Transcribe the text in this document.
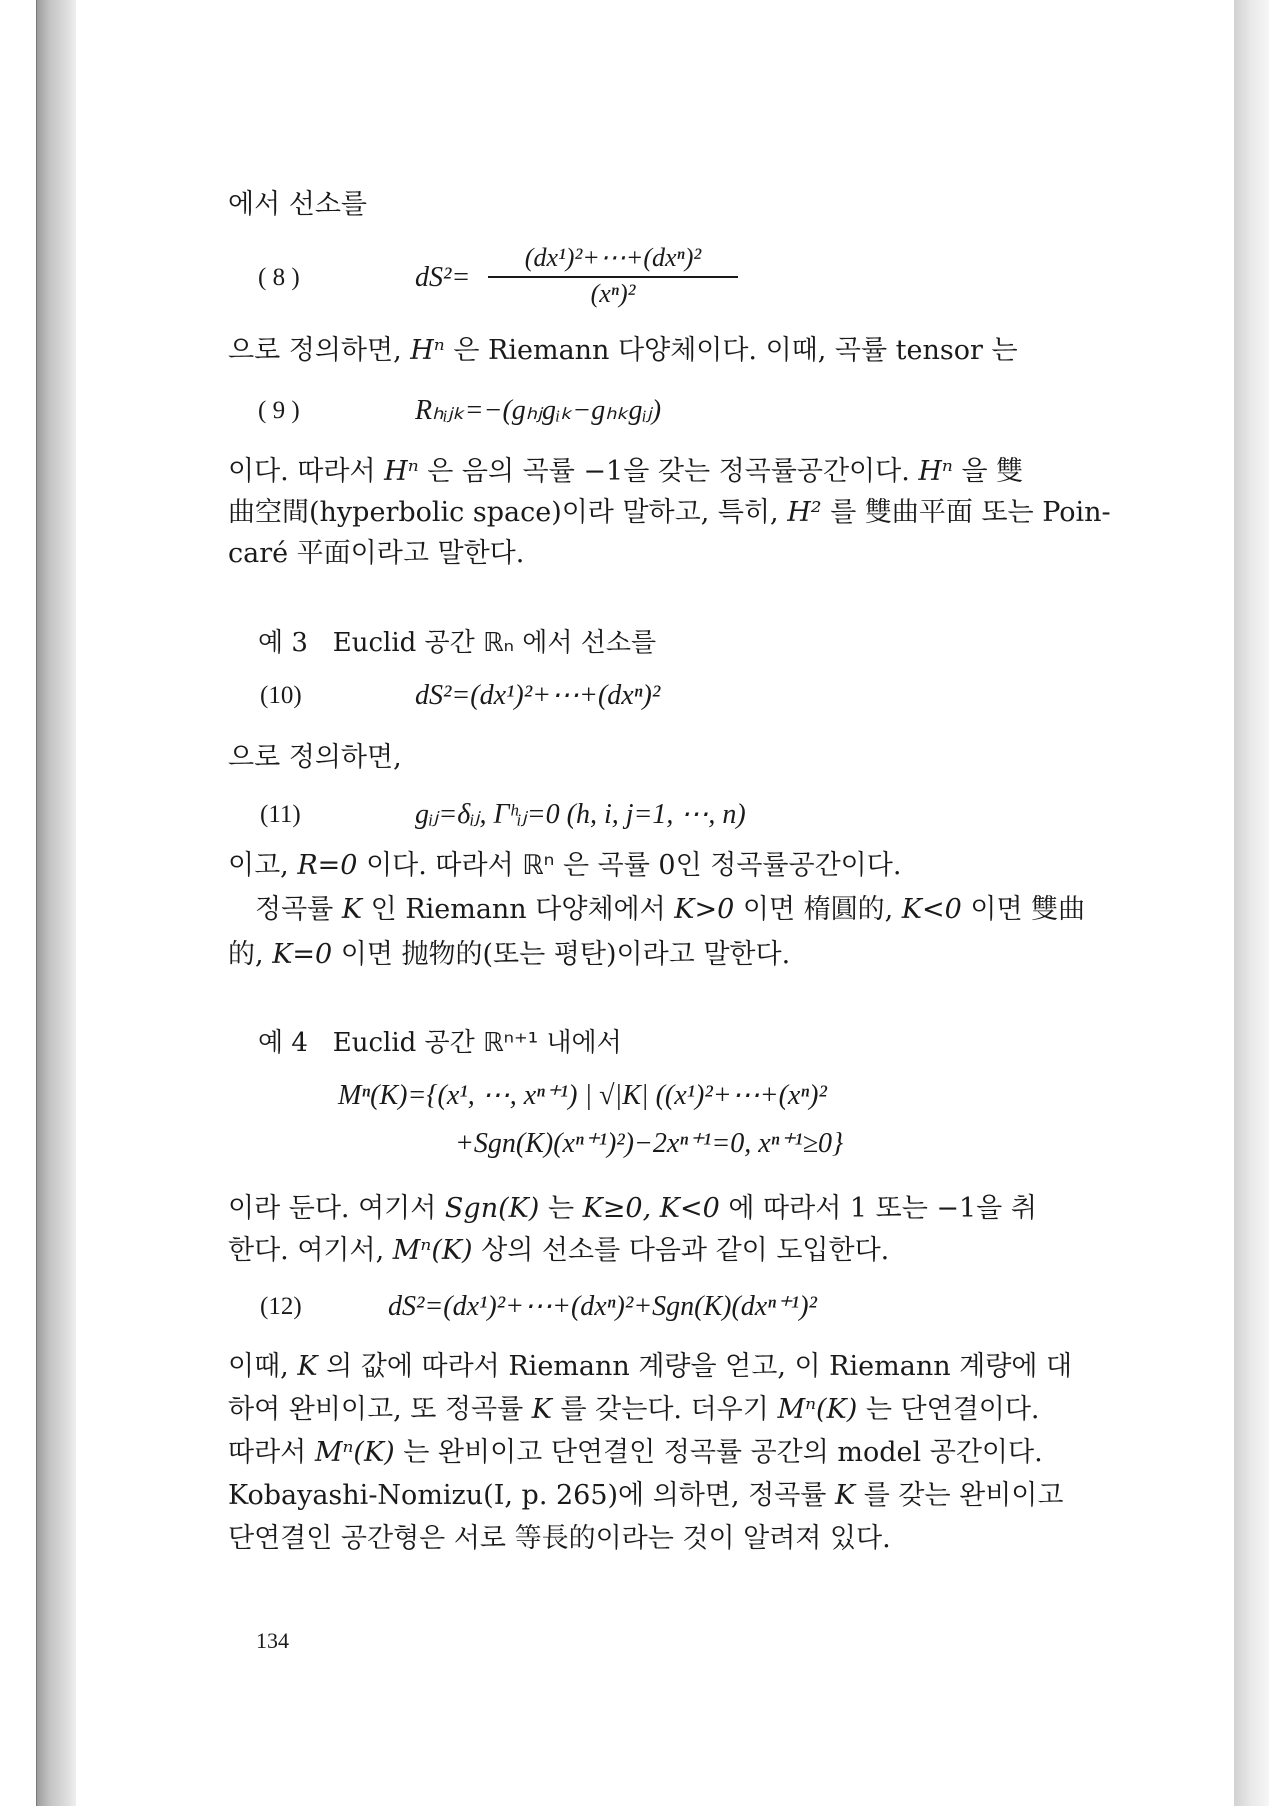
에서 선소를
( 8 )	dS²=
(dx¹)²+⋯+(dxⁿ)²
(xⁿ)²
으로 정의하면, Hⁿ 은 Riemann 다양체이다. 이때, 곡률 tensor 는
( 9 )	Rₕᵢⱼₖ=−(gₕⱼgᵢₖ−gₕₖgᵢⱼ)
이다. 따라서 Hⁿ 은 음의 곡률 −1을 갖는 정곡률공간이다. Hⁿ 을 雙
曲空間(hyperbolic space)이라 말하고, 특히, H² 를 雙曲平面 또는 Poin-
caré 平面이라고 말한다.
예 3 Euclid 공간 ℝₙ 에서 선소를
(10)	dS²=(dx¹)²+⋯+(dxⁿ)²
으로 정의하면,
(11)	gᵢⱼ=δᵢⱼ, Γʰᵢⱼ=0 (h, i, j=1, ⋯, n)
이고, R=0 이다. 따라서 ℝⁿ 은 곡률 0인 정곡률공간이다.
정곡률 K 인 Riemann 다양체에서 K>0 이면 楕圓的, K<0 이면 雙曲
的, K=0 이면 抛物的(또는 평탄)이라고 말한다.
예 4 Euclid 공간 ℝⁿ⁺¹ 내에서
Mⁿ(K)={(x¹, ⋯, xⁿ⁺¹) | √|K| ((x¹)²+⋯+(xⁿ)²
+Sgn(K)(xⁿ⁺¹)²)−2xⁿ⁺¹=0, xⁿ⁺¹≥0}
이라 둔다. 여기서 Sgn(K) 는 K≥0, K<0 에 따라서 1 또는 −1을 취
한다. 여기서, Mⁿ(K) 상의 선소를 다음과 같이 도입한다.
(12)	dS²=(dx¹)²+⋯+(dxⁿ)²+Sgn(K)(dxⁿ⁺¹)²
이때, K 의 값에 따라서 Riemann 계량을 얻고, 이 Riemann 계량에 대
하여 완비이고, 또 정곡률 K 를 갖는다. 더우기 Mⁿ(K) 는 단연결이다.
따라서 Mⁿ(K) 는 완비이고 단연결인 정곡률 공간의 model 공간이다.
Kobayashi-Nomizu(Ⅰ, p. 265)에 의하면, 정곡률 K 를 갖는 완비이고
단연결인 공간형은 서로 等長的이라는 것이 알려져 있다.
134
